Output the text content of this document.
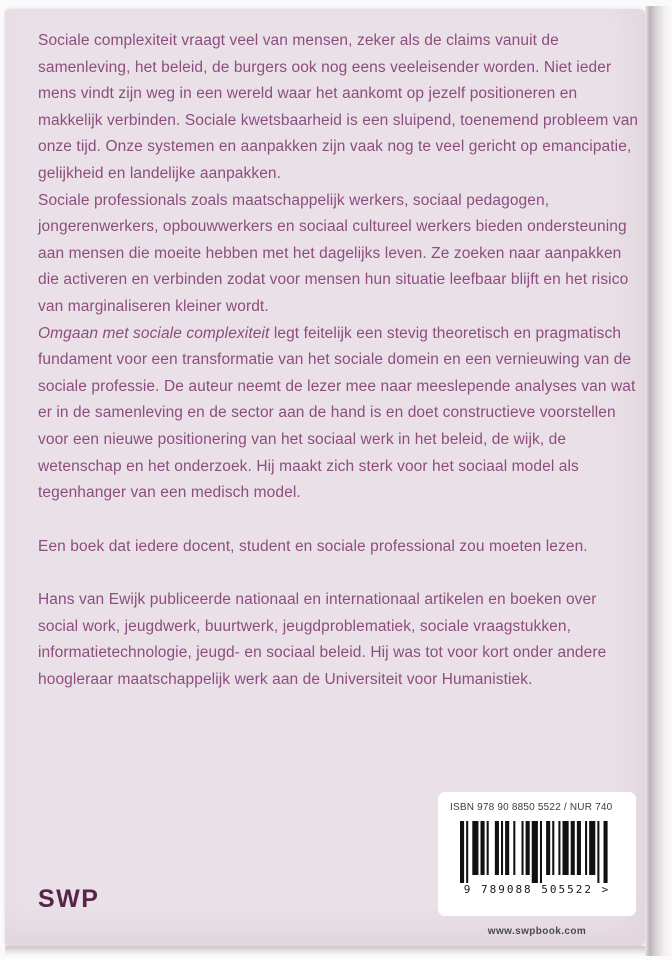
Sociale complexiteit vraagt veel van mensen, zeker als de claims vanuit de samenleving, het beleid, de burgers ook nog eens veeleisender worden. Niet ieder mens vindt zijn weg in een wereld waar het aankomt op jezelf positioneren en makkelijk verbinden. Sociale kwetsbaarheid is een sluipend, toenemend probleem van onze tijd. Onze systemen en aanpakken zijn vaak nog te veel gericht op emancipatie, gelijkheid en landelijke aanpakken.

Sociale professionals zoals maatschappelijk werkers, sociaal pedagogen, jongerenwerkers, opbouwwerkers en sociaal cultureel werkers bieden ondersteuning aan mensen die moeite hebben met het dagelijks leven. Ze zoeken naar aanpakken die activeren en verbinden zodat voor mensen hun situatie leefbaar blijft en het risico van marginaliseren kleiner wordt.

Omgaan met sociale complexiteit legt feitelijk een stevig theoretisch en pragmatisch fundament voor een transformatie van het sociale domein en een vernieuwing van de sociale professie. De auteur neemt de lezer mee naar meeslepende analyses van wat er in de samenleving en de sector aan de hand is en doet constructieve voorstellen voor een nieuwe positionering van het sociaal werk in het beleid, de wijk, de wetenschap en het onderzoek. Hij maakt zich sterk voor het sociaal model als tegenhanger van een medisch model.

Een boek dat iedere docent, student en sociale professional zou moeten lezen.

Hans van Ewijk publiceerde nationaal en internationaal artikelen en boeken over social work, jeugdwerk, buurtwerk, jeugdproblematiek, sociale vraagstukken, informatietechnologie, jeugd- en sociaal beleid. Hij was tot voor kort onder andere hoogleraar maatschappelijk werk aan de Universiteit voor Humanistiek.

SWP
ISBN 978 90 8850 5522 / NUR 740
9 789088 505522 >
www.swpbook.com
